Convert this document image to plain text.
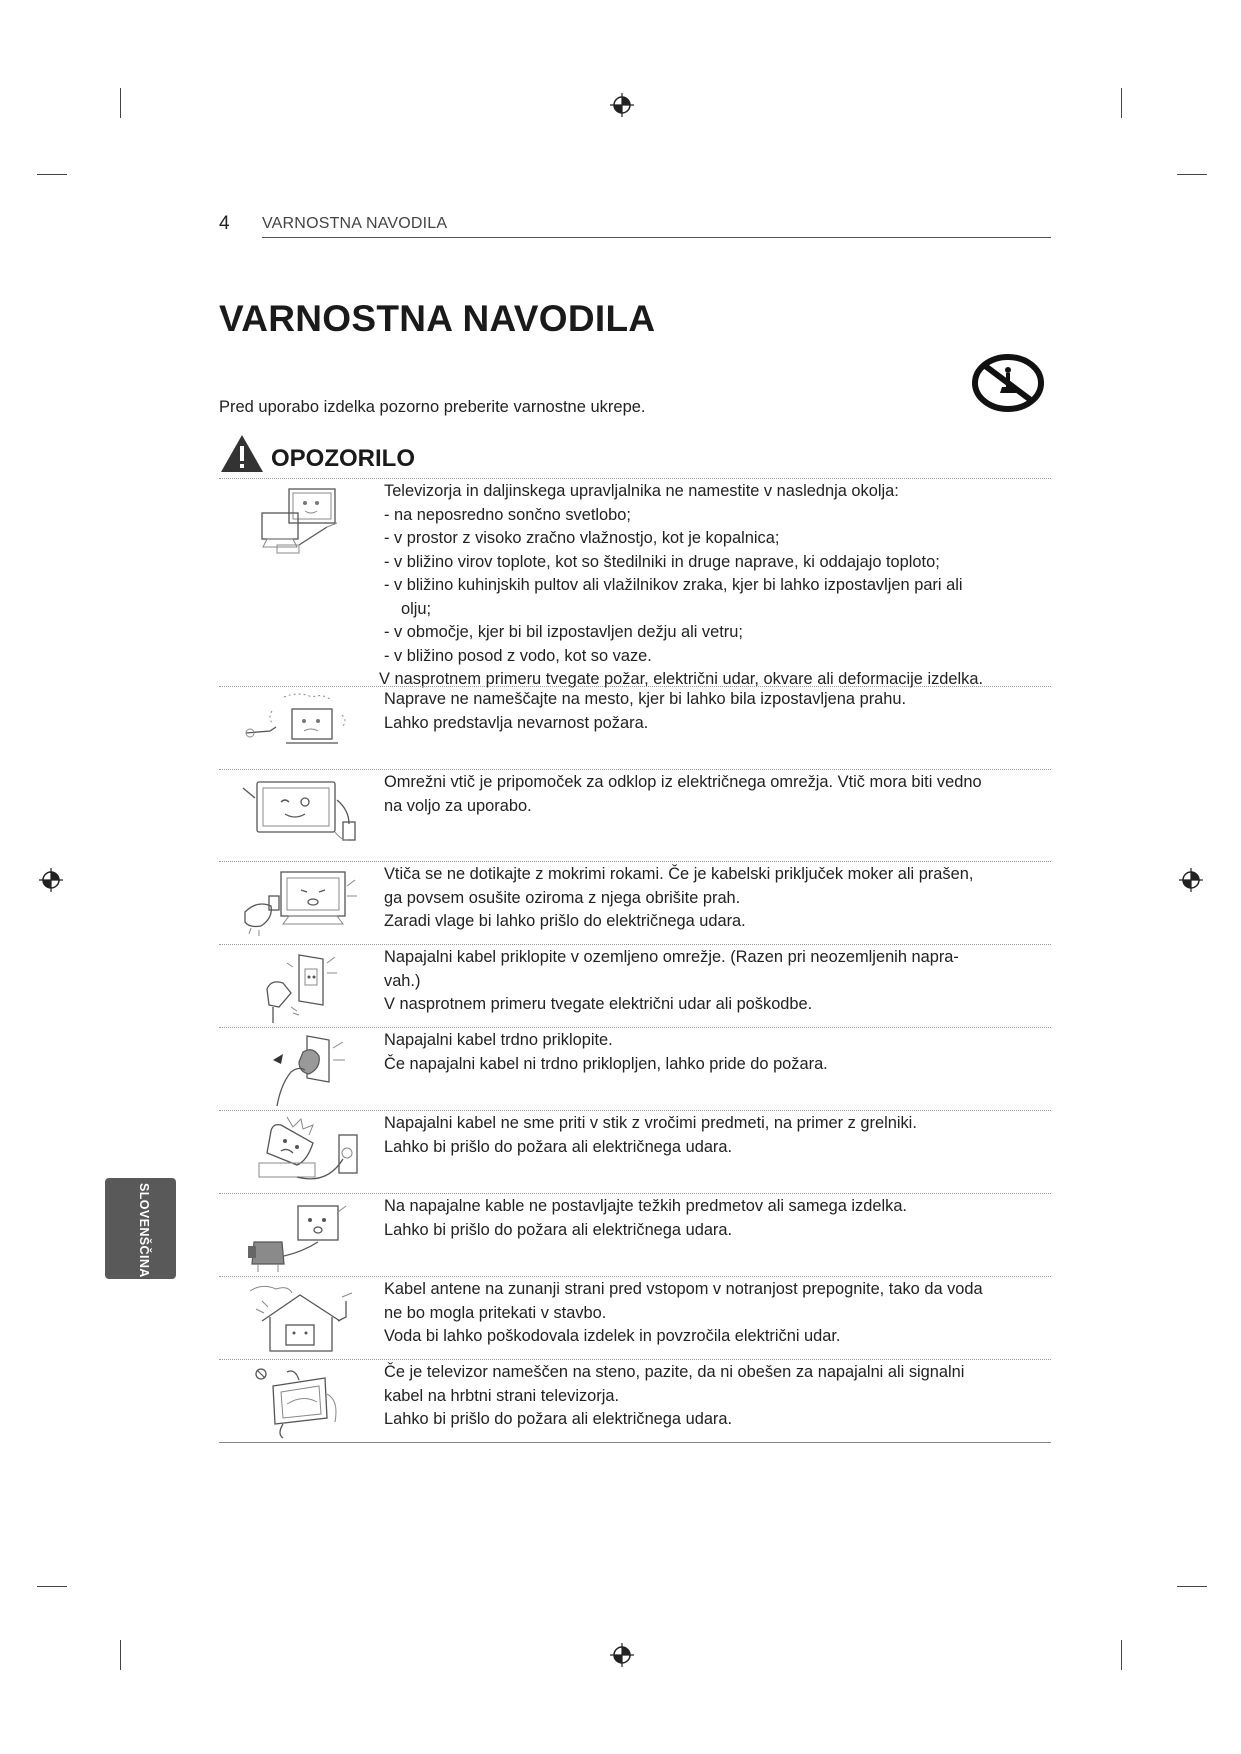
4 VARNOSTNA NAVODILA
VARNOSTNA NAVODILA

Pred uporabo izdelka pozorno preberite varnostne ukrepe.

OPOZORILO

Televizorja in daljinskega upravljalnika ne namestite v naslednja okolja:

- na neposredno sončno svetlobo;

- v prostor z visoko zračno vlažnostjo, kot je kopalnica;

- v bližino virov toplote, kot so štedilniki in druge naprave, ki oddajajo toploto;

- v bližino kuhinjskih pultov ali vlažilnikov zraka, kjer bi lahko izpostavljen pari ali

olju;

- v območje, kjer bi bil izpostavljen dežju ali vetru;

- v bližino posod z vodo, kot so vaze.

V nasprotnem primeru tvegate požar, električni udar, okvare ali deformacije izdelka.

Naprave ne nameščajte na mesto, kjer bi lahko bila izpostavljena prahu.

Lahko predstavlja nevarnost požara.

Omrežni vtič je pripomoček za odklop iz električnega omrežja. Vtič mora biti vedno

na voljo za uporabo.

Vtiča se ne dotikajte z mokrimi rokami. Če je kabelski priključek moker ali prašen,

ga povsem osušite oziroma z njega obrišite prah.

Zaradi vlage bi lahko prišlo do električnega udara.

Napajalni kabel priklopite v ozemljeno omrežje. (Razen pri neozemljenih napra-

vah.)

V nasprotnem primeru tvegate električni udar ali poškodbe.

Napajalni kabel trdno priklopite.

Če napajalni kabel ni trdno priklopljen, lahko pride do požara.

Napajalni kabel ne sme priti v stik z vročimi predmeti, na primer z grelniki.

Lahko bi prišlo do požara ali električnega udara.

Na napajalne kable ne postavljajte težkih predmetov ali samega izdelka.

Lahko bi prišlo do požara ali električnega udara.

Kabel antene na zunanji strani pred vstopom v notranjost prepognite, tako da voda

ne bo mogla pritekati v stavbo.

Voda bi lahko poškodovala izdelek in povzročila električni udar.

Če je televizor nameščen na steno, pazite, da ni obešen za napajalni ali signalni

kabel na hrbtni strani televizorja.

Lahko bi prišlo do požara ali električnega udara.

SLOVENŠČINA
